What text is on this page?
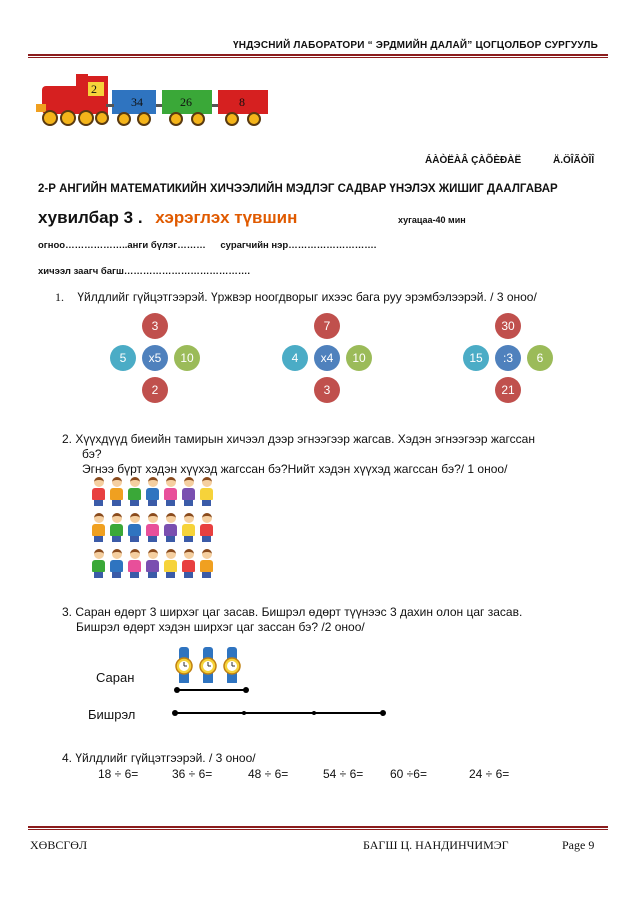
ҮНДЭСНИЙ ЛАБОРАТОРИ “ ЭРДМИЙН ДАЛАЙ” ЦОГЦОЛБОР СУРГУУЛЬ
2
34	26	8
ÁÀÒËÀÂ ÇÀÕÈÐÀË	Ä.ÖÎÃÒÎÎ
2-Р АНГИЙН МАТЕМАТИКИЙН ХИЧЭЭЛИЙН МЭДЛЭГ САДВАР ҮНЭЛЭХ ЖИШИГ ДААЛГАВАР
хувилбар 3 . хэрэглэх түвшин	хугацаа-40 мин
огноо………………..анги бүлэг……… сурагчийн нэр……………………….
хичээл заагч багш………………………………….
1. Үйлдлийг гүйцэтгээрэй. Үржвэр ноогдворыг ихээс бага руу эрэмбэлээрэй. / 3 оноо/
x5
3
2
5	10	x4
7
3
4	10	:3
30
21
15	6
2. Хүүхдүүд биеийн тамирын хичээл дээр эгнээгээр жагсав. Хэдэн эгнээгээр жагссан
бэ?
Эгнээ бүрт хэдэн хүүхэд жагссан бэ?Нийт хэдэн хүүхэд жагссан бэ?/ 1 оноо/
3. Саран өдөрт 3 ширхэг цаг засав. Бишрэл өдөрт түүнээс 3 дахин олон цаг засав.
Бишрэл өдөрт хэдэн ширхэг цаг зассан бэ? /2 оноо/
Саран
Бишрэл
4. Үйлдлийг гүйцэтгээрэй. / 3 оноо/
18 ÷ 6=	36 ÷ 6=	48 ÷ 6=	54 ÷ 6= 60 ÷6=	24 ÷ 6=
ХӨВСГӨЛ	БАГШ Ц. НАНДИНЧИМЭГ	Page 9
